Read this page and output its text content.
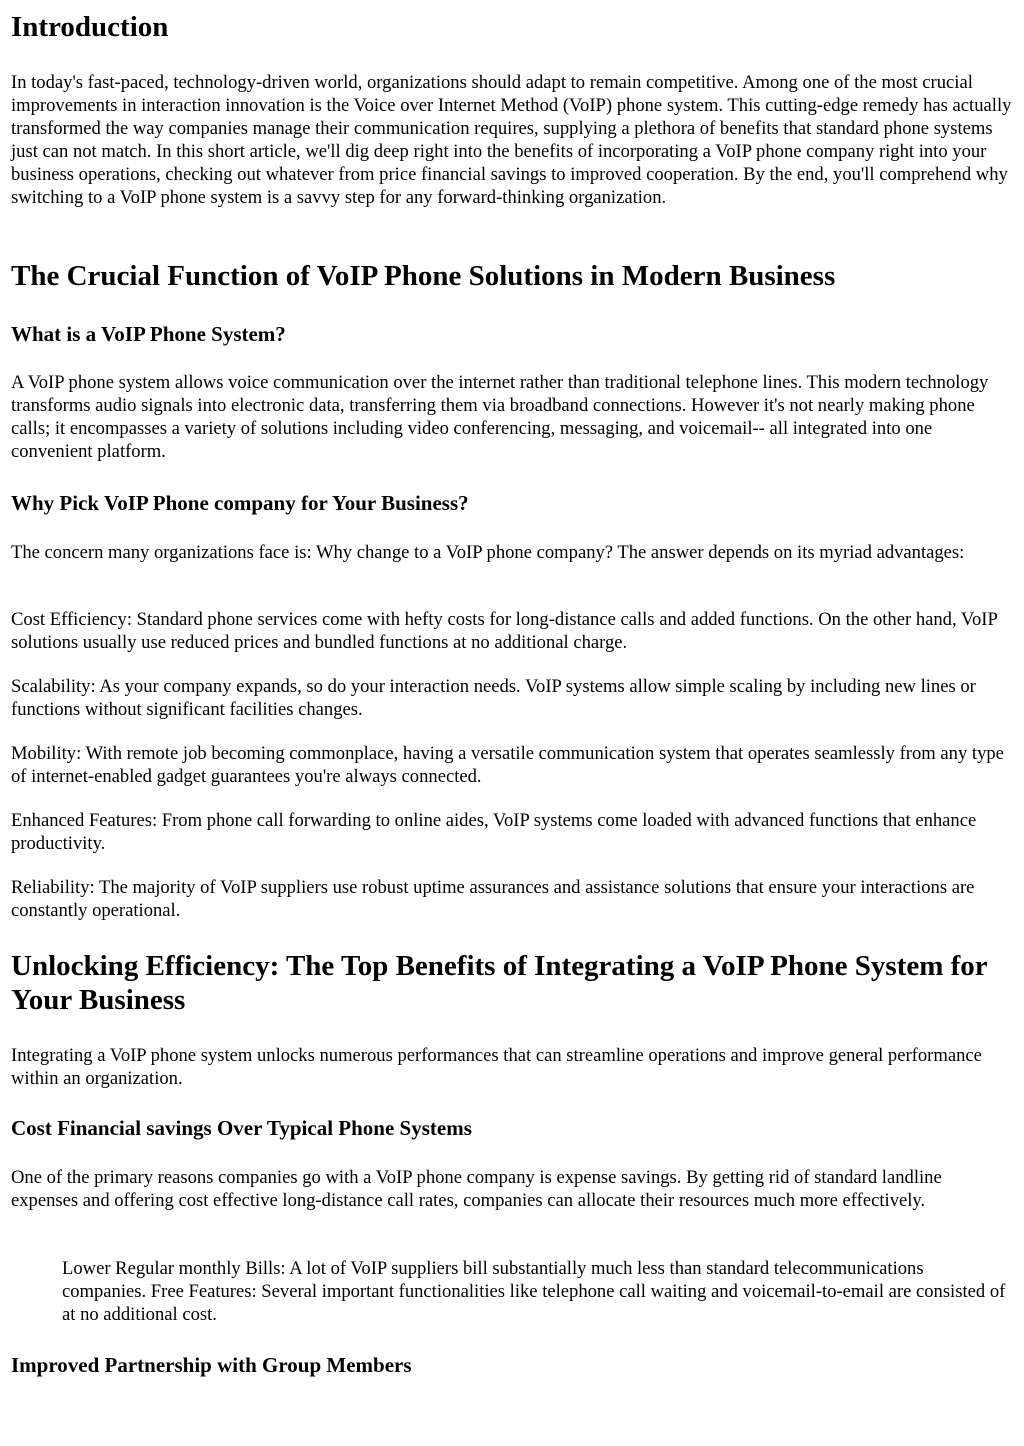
Introduction

In today's fast-paced, technology-driven world, organizations should adapt to remain competitive. Among one of the most crucial improvements in interaction innovation is the Voice over Internet Method (VoIP) phone system. This cutting-edge remedy has actually transformed the way companies manage their communication requires, supplying a plethora of benefits that standard phone systems just can not match. In this short article, we'll dig deep right into the benefits of incorporating a VoIP phone company right into your business operations, checking out whatever from price financial savings to improved cooperation. By the end, you'll comprehend why switching to a VoIP phone system is a savvy step for any forward-thinking organization.

The Crucial Function of VoIP Phone Solutions in Modern Business
What is a VoIP Phone System?

A VoIP phone system allows voice communication over the internet rather than traditional telephone lines. This modern technology transforms audio signals into electronic data, transferring them via broadband connections. However it's not nearly making phone calls; it encompasses a variety of solutions including video conferencing, messaging, and voicemail-- all integrated into one convenient platform.

Why Pick VoIP Phone company for Your Business?

The concern many organizations face is: Why change to a VoIP phone company? The answer depends on its myriad advantages:

Cost Efficiency: Standard phone services come with hefty costs for long-distance calls and added functions. On the other hand, VoIP solutions usually use reduced prices and bundled functions at no additional charge.

Scalability: As your company expands, so do your interaction needs. VoIP systems allow simple scaling by including new lines or functions without significant facilities changes.

Mobility: With remote job becoming commonplace, having a versatile communication system that operates seamlessly from any type of internet-enabled gadget guarantees you're always connected.

Enhanced Features: From phone call forwarding to online aides, VoIP systems come loaded with advanced functions that enhance productivity.

Reliability: The majority of VoIP suppliers use robust uptime assurances and assistance solutions that ensure your interactions are constantly operational.

Unlocking Efficiency: The Top Benefits of Integrating a VoIP Phone System for Your Business

Integrating a VoIP phone system unlocks numerous performances that can streamline operations and improve general performance within an organization.

Cost Financial savings Over Typical Phone Systems

One of the primary reasons companies go with a VoIP phone company is expense savings. By getting rid of standard landline expenses and offering cost effective long-distance call rates, companies can allocate their resources much more effectively.

Lower Regular monthly Bills: A lot of VoIP suppliers bill substantially much less than standard telecommunications companies. Free Features: Several important functionalities like telephone call waiting and voicemail-to-email are consisted of at no additional cost.

Improved Partnership with Group Members
